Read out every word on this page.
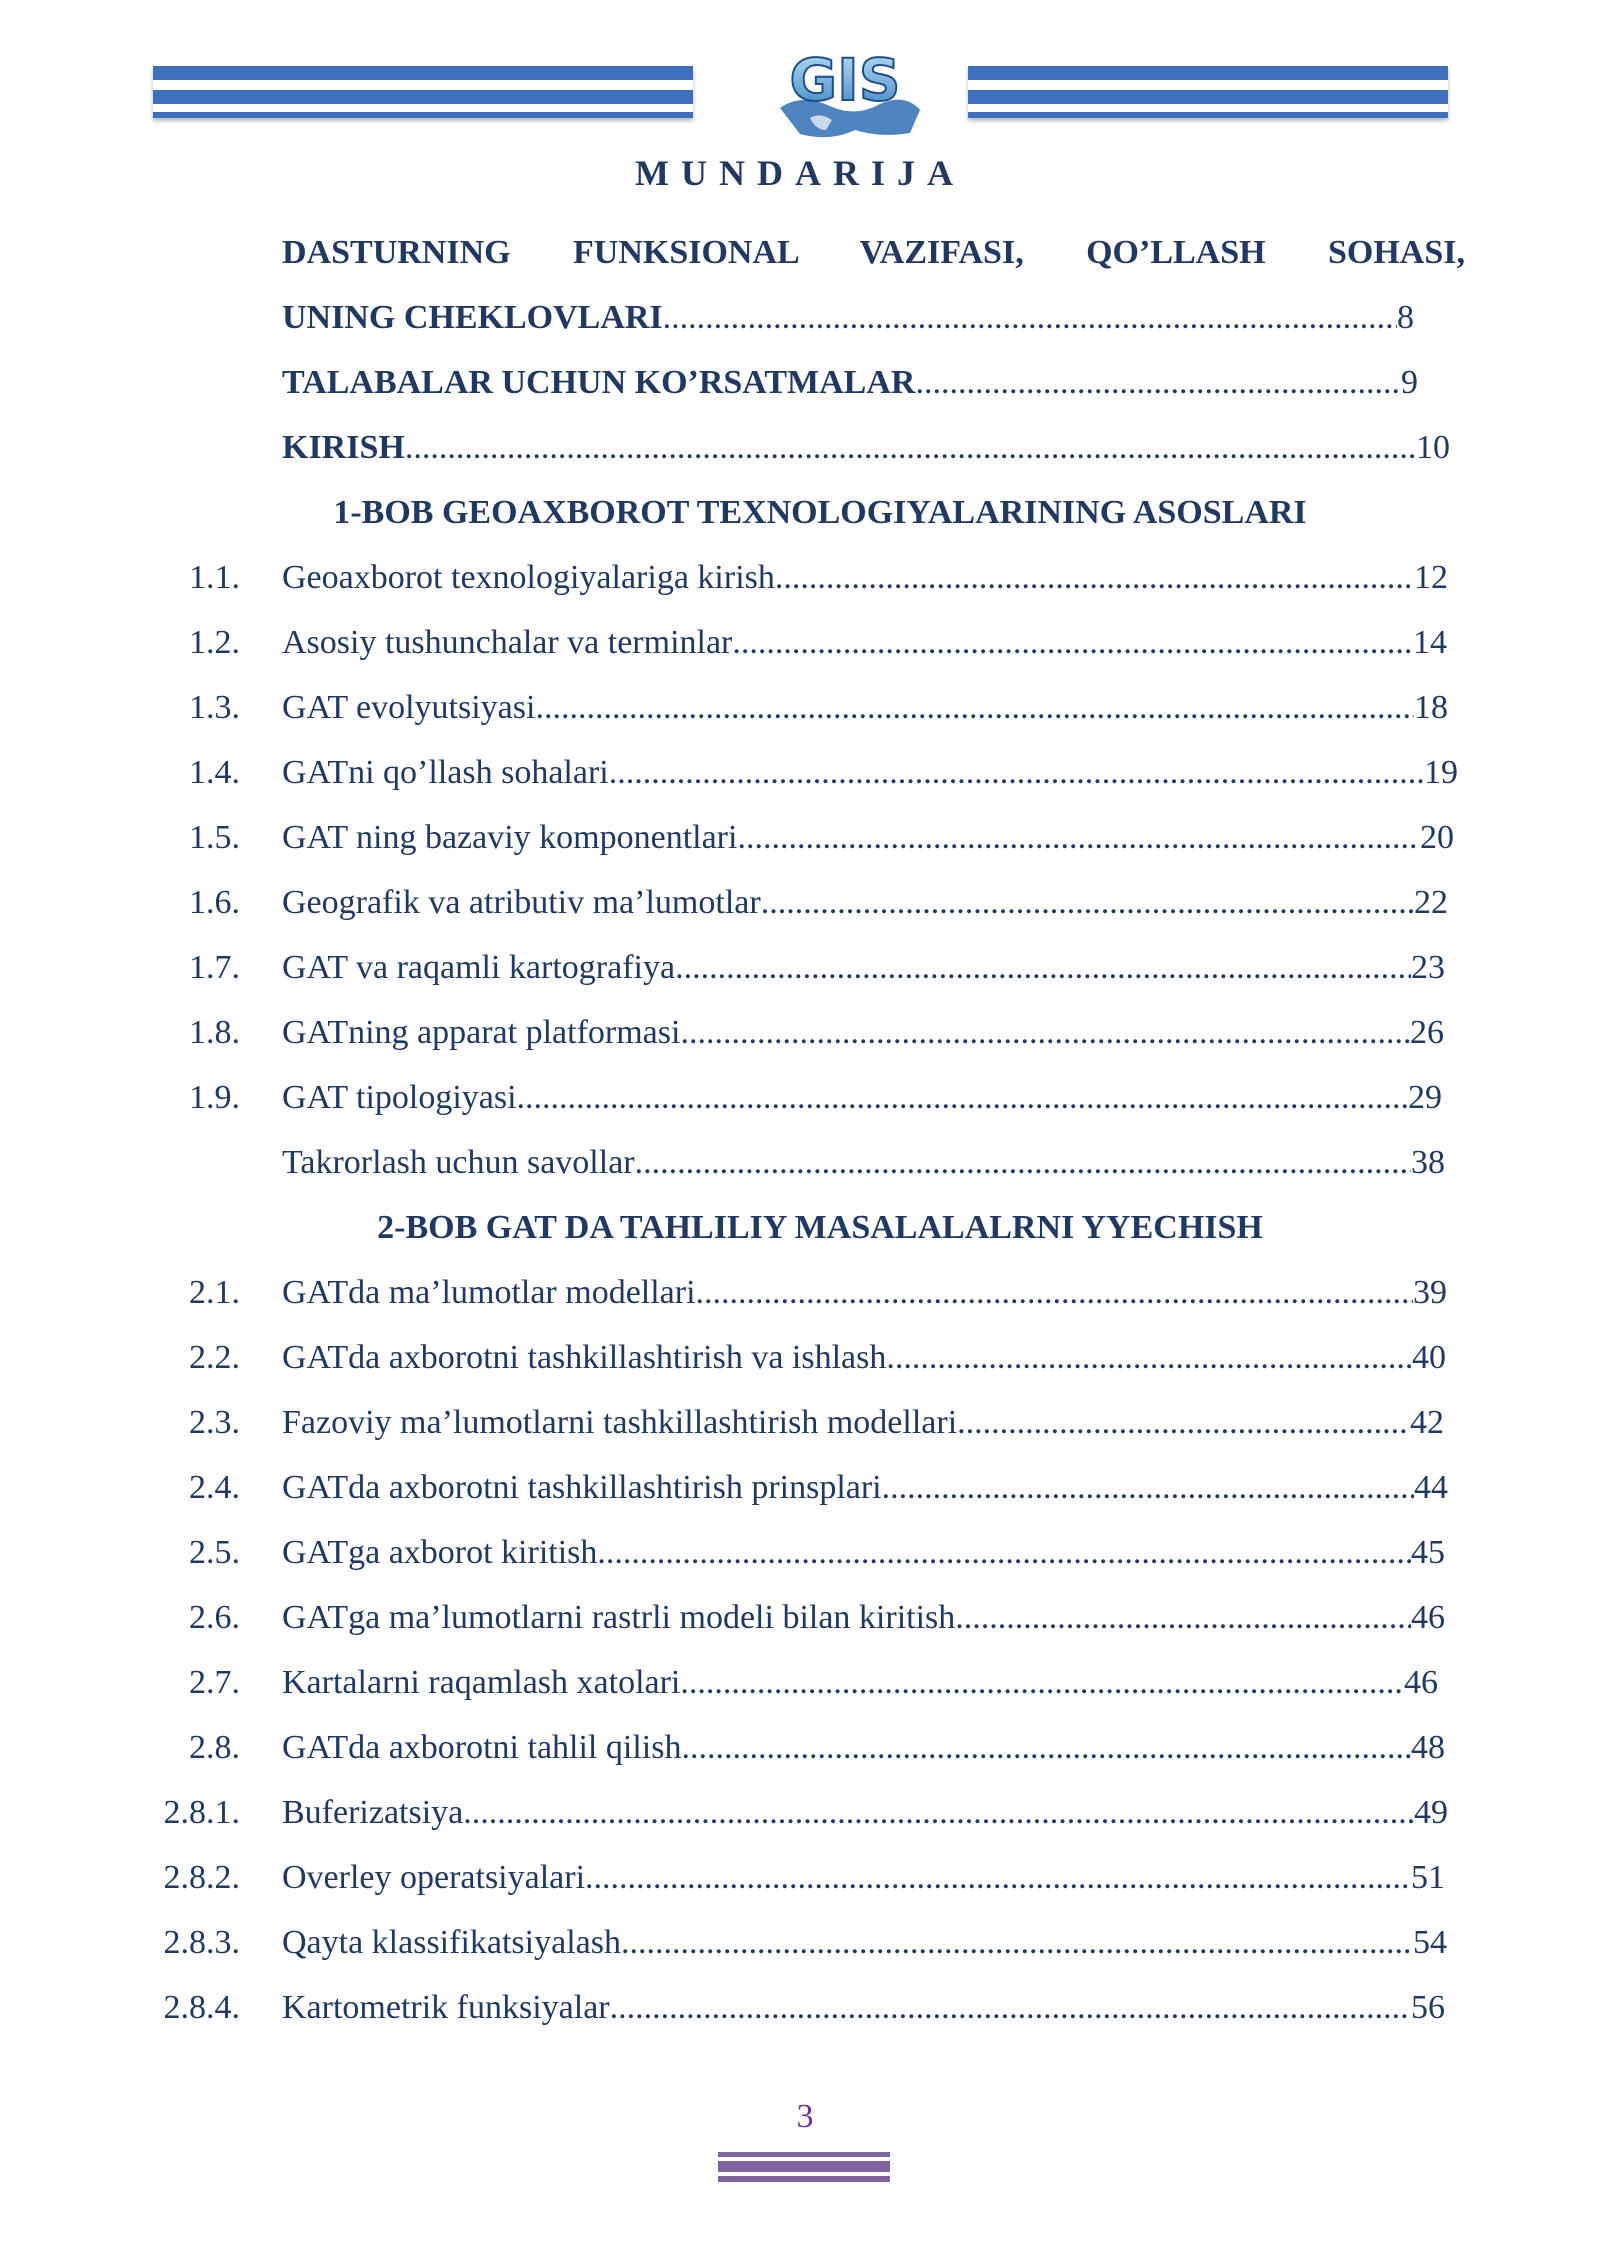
GIS
MUNDARIJA
DASTURNING FUNKSIONAL VAZIFASI, QO’LLASH SOHASI,
UNING CHEKLOVLARI .....	8
TALABALAR UCHUN KO’RSATMALAR .....	9
KIRISH .....	10
1-BOB GEOAXBOROT TEXNOLOGIYALARINING ASOSLARI
1.1. Geoaxborot texnologiyalariga kirish .....	12
1.2. Asosiy tushunchalar va terminlar .....	14
1.3. GAT evolyutsiyasi .....	18
1.4. GATni qo’llash sohalari .....	19
1.5. GAT ning bazaviy komponentlari .....	20
1.6. Geografik va atributiv ma’lumotlar .....	22
1.7. GAT va raqamli kartografiya .....	23
1.8. GATning apparat platformasi .....	26
1.9. GAT tipologiyasi .....	29
Takrorlash uchun savollar .....	38
2-BOB GAT DA TAHLILIY MASALALALRNI YYECHISH
2.1. GATda ma’lumotlar modellari .....	39
2.2. GATda axborotni tashkillashtirish va ishlash .....	40
2.3. Fazoviy ma’lumotlarni tashkillashtirish modellari .....	42
2.4. GATda axborotni tashkillashtirish prinsplari .....	44
2.5. GATga axborot kiritish .....	45
2.6. GATga ma’lumotlarni rastrli modeli bilan kiritish .....	46
2.7. Kartalarni raqamlash xatolari .....	46
2.8. GATda axborotni tahlil qilish .....	48
2.8.1. Buferizatsiya .....	49
2.8.2. Overley operatsiyalari .....	51
2.8.3. Qayta klassifikatsiyalash .....	54
2.8.4. Kartometrik funksiyalar .....	56
3
